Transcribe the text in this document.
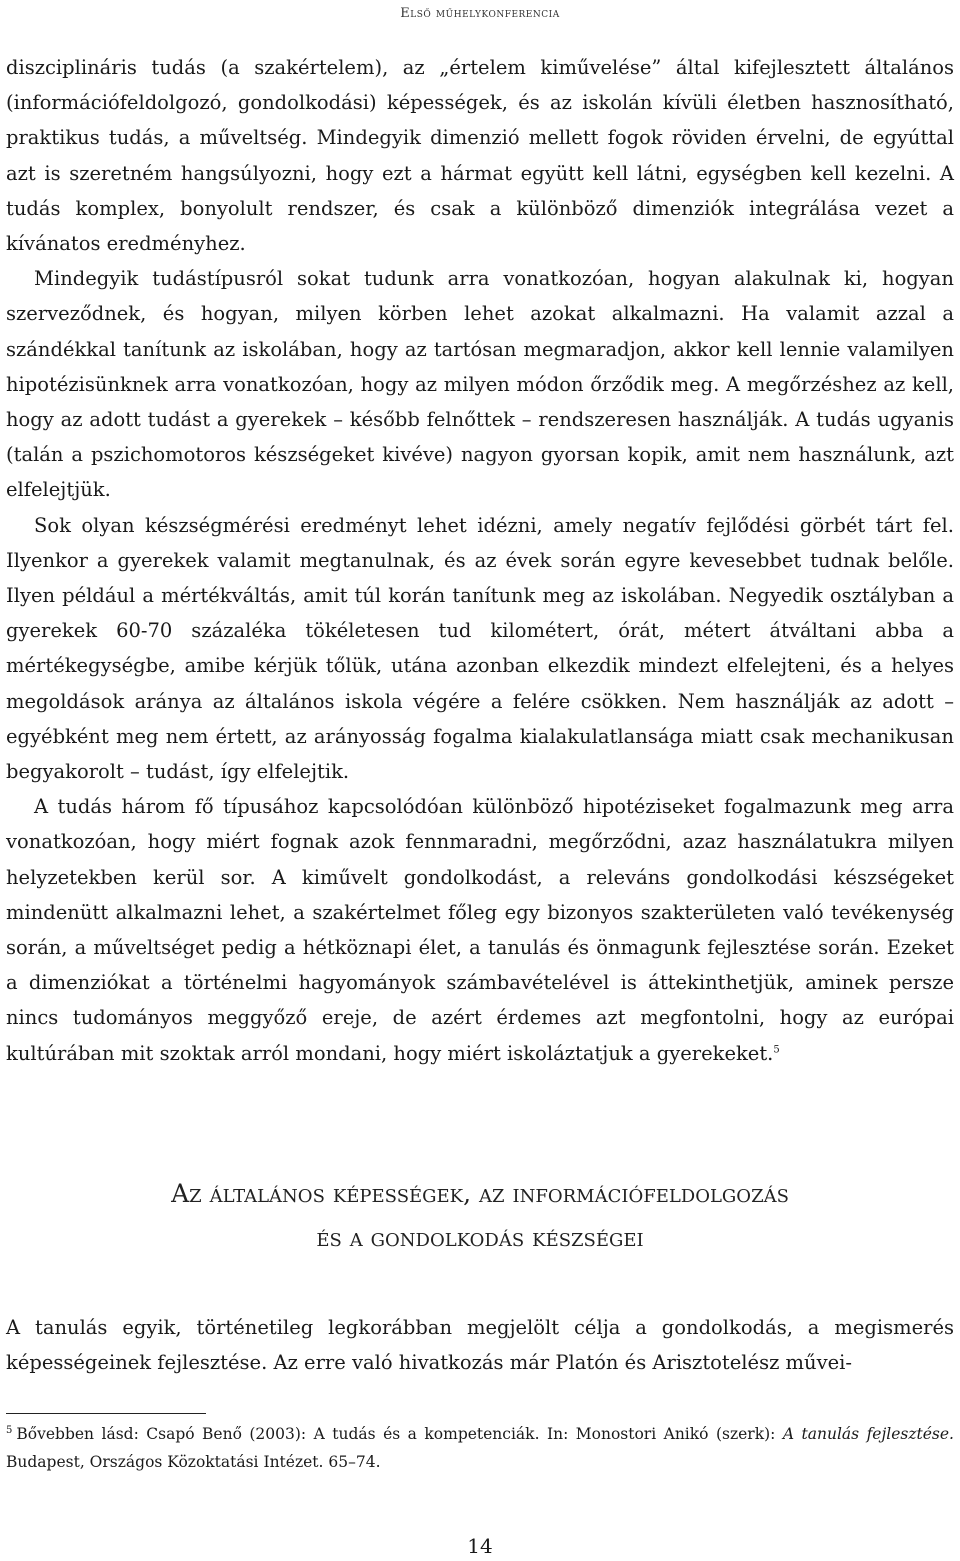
Első műhelykonferencia

diszciplináris tudás (a szakértelem), az „értelem kiművelése” által kifejlesztett általános (információfeldolgozó, gondolkodási) képességek, és az iskolán kívüli életben hasznosítható, praktikus tudás, a műveltség. Mindegyik dimenzió mellett fogok röviden érvelni, de egyúttal azt is szeretném hangsúlyozni, hogy ezt a hármat együtt kell látni, egységben kell kezelni. A tudás komplex, bonyolult rendszer, és csak a különböző dimenziók integrálása vezet a kívánatos eredményhez.

Mindegyik tudástípusról sokat tudunk arra vonatkozóan, hogyan alakulnak ki, hogyan szerveződnek, és hogyan, milyen körben lehet azokat alkalmazni. Ha valamit azzal a szándékkal tanítunk az iskolában, hogy az tartósan megmaradjon, akkor kell lennie valamilyen hipotézisünknek arra vonatkozóan, hogy az milyen módon őrződik meg. A megőrzéshez az kell, hogy az adott tudást a gyerekek – később felnőttek – rendszeresen használják. A tudás ugyanis (talán a pszichomotoros készségeket kivéve) nagyon gyorsan kopik, amit nem használunk, azt elfelejtjük.

Sok olyan készségmérési eredményt lehet idézni, amely negatív fejlődési görbét tárt fel. Ilyenkor a gyerekek valamit megtanulnak, és az évek során egyre kevesebbet tudnak belőle. Ilyen például a mértékváltás, amit túl korán tanítunk meg az iskolában. Negyedik osztályban a gyerekek 60-70 százaléka tökéletesen tud kilométert, órát, métert átváltani abba a mértékegységbe, amibe kérjük tőlük, utána azonban elkezdik mindezt elfelejteni, és a helyes megoldások aránya az általános iskola végére a felére csökken. Nem használják az adott – egyébként meg nem értett, az arányosság fogalma kialakulatlansága miatt csak mechanikusan begyakorolt – tudást, így elfelejtik.

A tudás három fő típusához kapcsolódóan különböző hipotéziseket fogalmazunk meg arra vonatkozóan, hogy miért fognak azok fennmaradni, megőrződni, azaz használatukra milyen helyzetekben kerül sor. A kiművelt gondolkodást, a releváns gondolkodási készségeket mindenütt alkalmazni lehet, a szakértelmet főleg egy bizonyos szakterületen való tevékenység során, a műveltséget pedig a hétköznapi élet, a tanulás és önmagunk fejlesztése során. Ezeket a dimenziókat a történelmi hagyományok számbavételével is áttekinthetjük, aminek persze nincs tudományos meggyőző ereje, de azért érdemes azt megfontolni, hogy az európai kultúrában mit szoktak arról mondani, hogy miért iskoláztatjuk a gyerekeket.$^5$

Az általános képességek, az információfeldolgozás
és a gondolkodás készségei

A tanulás egyik, történetileg legkorábban megjelölt célja a gondolkodás, a megismerés képességeinek fejlesztése. Az erre való hivatkozás már Platón és Arisztotelész művei-

$^5$ Bővebben lásd: Csapó Benő (2003): A tudás és a kompetenciák. In: Monostori Anikó (szerk): A tanulás fejlesztése. Budapest, Országos Közoktatási Intézet. 65–74.
14
